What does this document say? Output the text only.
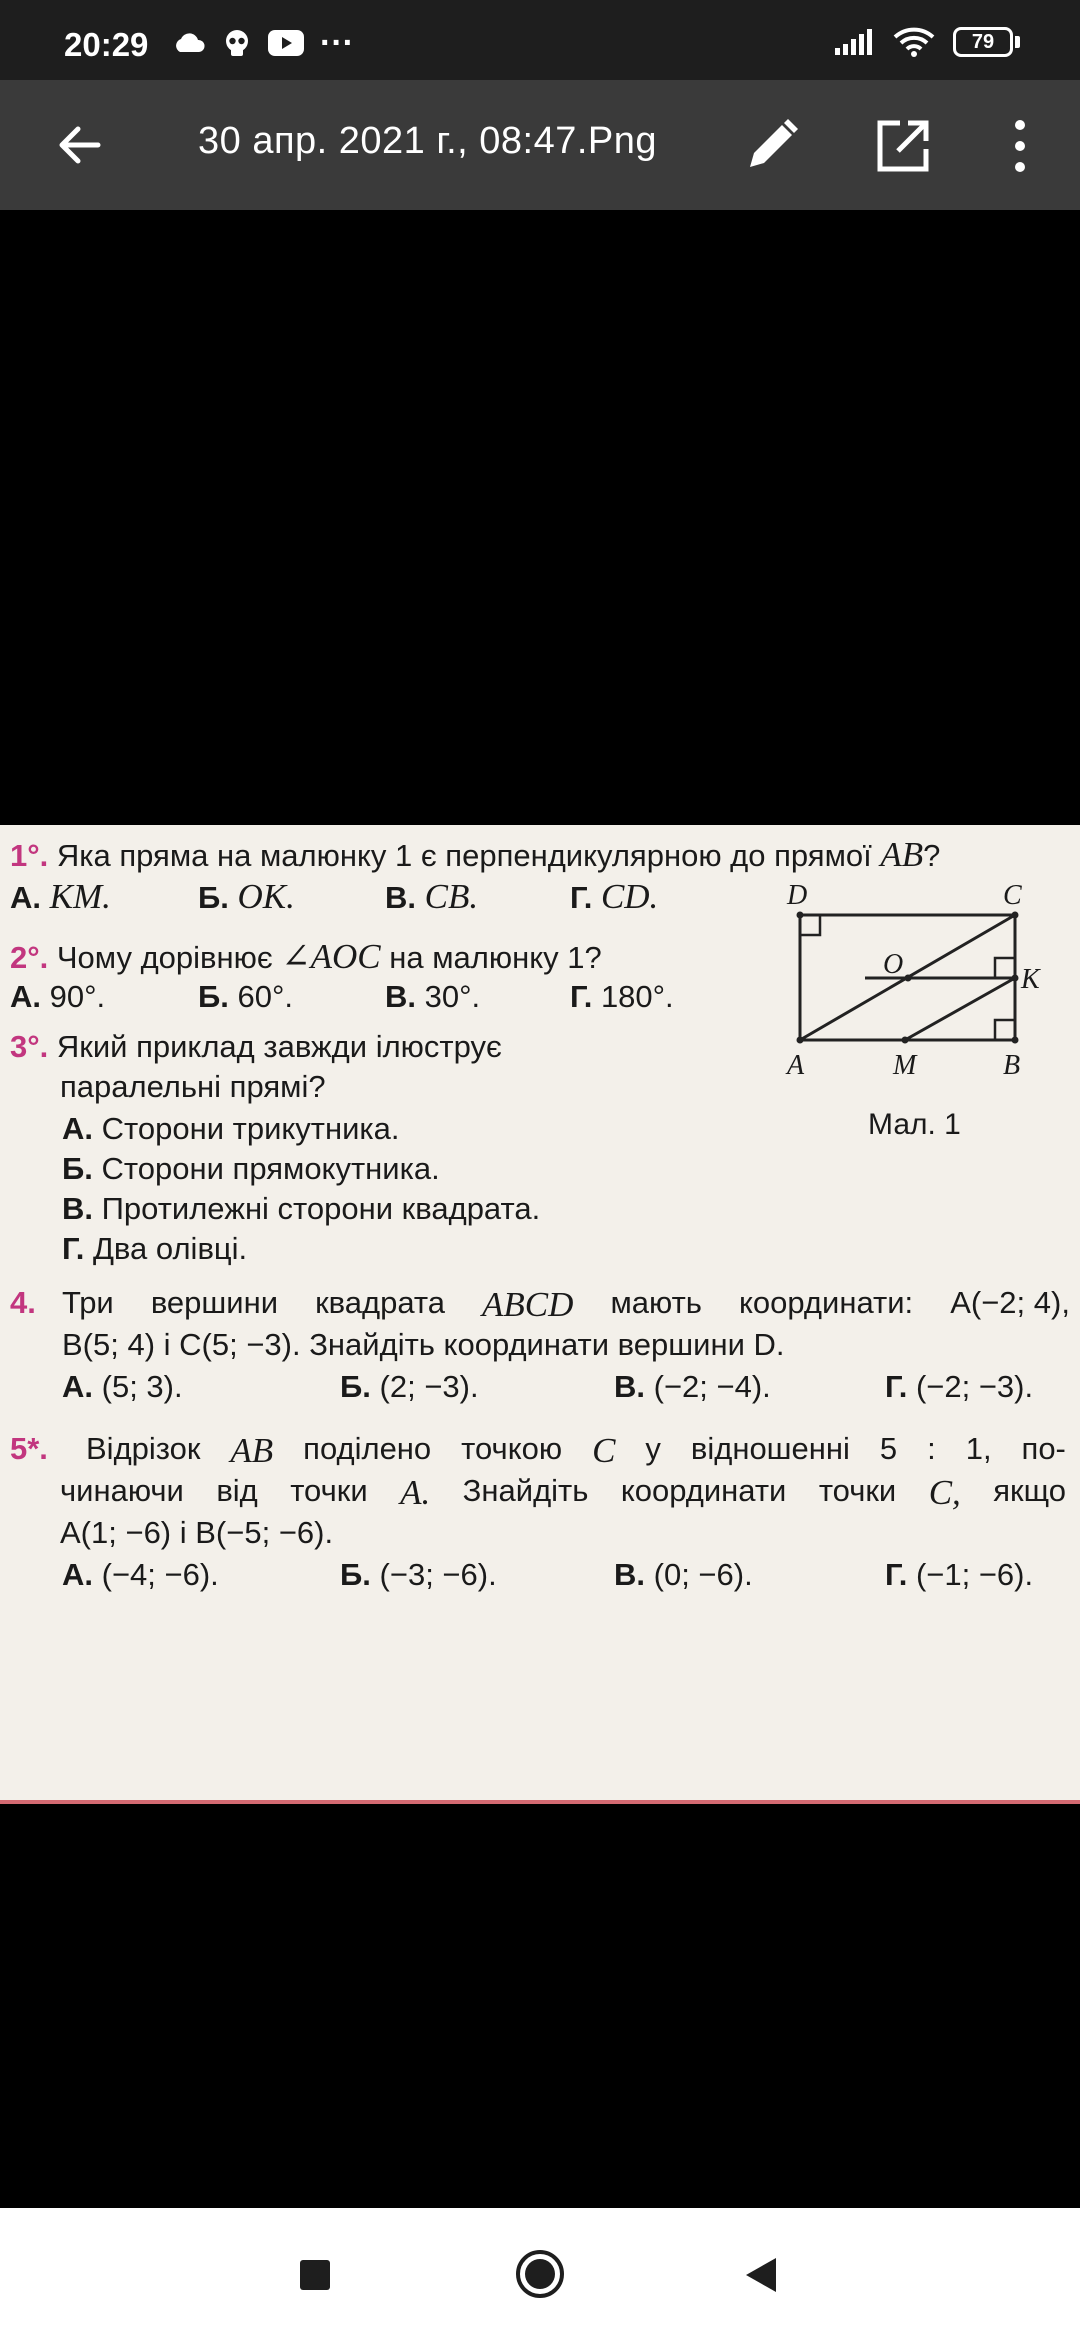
20:29	···	79
30 апр. 2021 г., 08:47.Png
1°. Яка пряма на малюнку 1 є перпендикулярною до прямої AB?
А. KM.	Б. OK.	В. CB.	Г. CD.
2°. Чому дорівнює ∠AOC на малюнку 1?
А. 90°.	Б. 60°.	В. 30°.	Г. 180°.
3°. Який приклад завжди ілюструє
паралельні прямі?
А. Сторони трикутника.
Б. Сторони прямокутника.
В. Протилежні сторони квадрата.
Г. Два олівці.
D	C
O	K
A	M	B
Мал. 1
4. Три вершини квадрата ABCD мають координати: A(−2; 4),
B(5; 4) і C(5; −3). Знайдіть координати вершини D.
А. (5; 3).	Б. (2; −3).	В. (−2; −4).	Г. (−2; −3).
5*. Відрізок AB поділено точкою C у відношенні 5 : 1, по-
чинаючи від точки A. Знайдіть координати точки C, якщо
A(1; −6) і B(−5; −6).
А. (−4; −6).	Б. (−3; −6).	В. (0; −6).	Г. (−1; −6).
